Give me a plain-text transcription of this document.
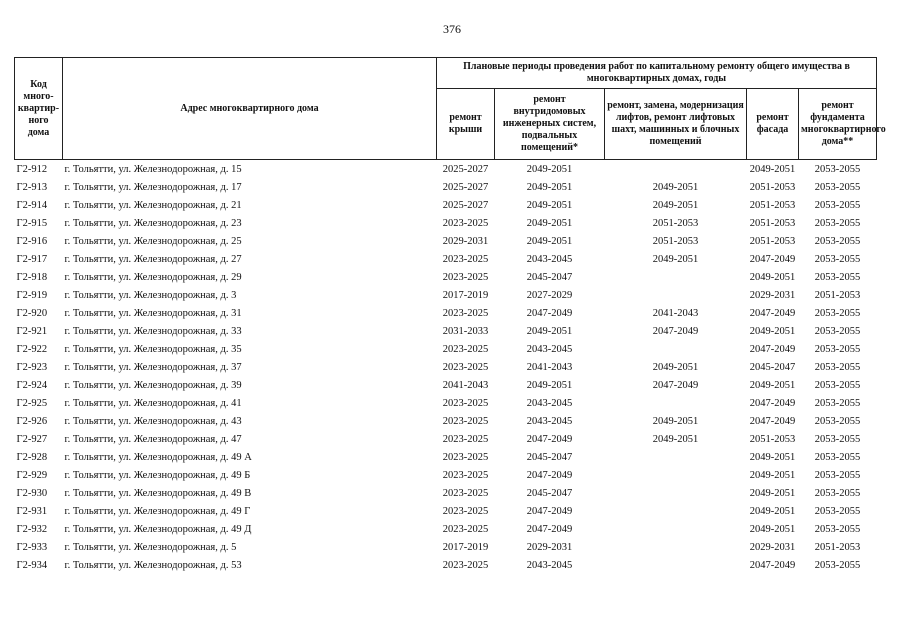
376
Код много-квартир-ного дома	Адрес многоквартирного дома	Плановые периоды проведения работ по капитальному ремонту общего имущества в многоквартирных домах, годы				
		ремонт крыши	ремонт внутридомовых инженерных систем, подвальных помещений*	ремонт, замена, модернизация лифтов, ремонт лифтовых шахт, машинных и блочных помещений	ремонт фасада	ремонт фундамента многоквартирного дома**
Г2-912	г. Тольятти, ул. Железнодорожная, д. 15	2025-2027	2049-2051		2049-2051	2053-2055
Г2-913	г. Тольятти, ул. Железнодорожная, д. 17	2025-2027	2049-2051	2049-2051	2051-2053	2053-2055
Г2-914	г. Тольятти, ул. Железнодорожная, д. 21	2025-2027	2049-2051	2049-2051	2051-2053	2053-2055
Г2-915	г. Тольятти, ул. Железнодорожная, д. 23	2023-2025	2049-2051	2051-2053	2051-2053	2053-2055
Г2-916	г. Тольятти, ул. Железнодорожная, д. 25	2029-2031	2049-2051	2051-2053	2051-2053	2053-2055
Г2-917	г. Тольятти, ул. Железнодорожная, д. 27	2023-2025	2043-2045	2049-2051	2047-2049	2053-2055
Г2-918	г. Тольятти, ул. Железнодорожная, д. 29	2023-2025	2045-2047		2049-2051	2053-2055
Г2-919	г. Тольятти, ул. Железнодорожная, д. 3	2017-2019	2027-2029		2029-2031	2051-2053
Г2-920	г. Тольятти, ул. Железнодорожная, д. 31	2023-2025	2047-2049	2041-2043	2047-2049	2053-2055
Г2-921	г. Тольятти, ул. Железнодорожная, д. 33	2031-2033	2049-2051	2047-2049	2049-2051	2053-2055
Г2-922	г. Тольятти, ул. Железнодорожная, д. 35	2023-2025	2043-2045		2047-2049	2053-2055
Г2-923	г. Тольятти, ул. Железнодорожная, д. 37	2023-2025	2041-2043	2049-2051	2045-2047	2053-2055
Г2-924	г. Тольятти, ул. Железнодорожная, д. 39	2041-2043	2049-2051	2047-2049	2049-2051	2053-2055
Г2-925	г. Тольятти, ул. Железнодорожная, д. 41	2023-2025	2043-2045		2047-2049	2053-2055
Г2-926	г. Тольятти, ул. Железнодорожная, д. 43	2023-2025	2043-2045	2049-2051	2047-2049	2053-2055
Г2-927	г. Тольятти, ул. Железнодорожная, д. 47	2023-2025	2047-2049	2049-2051	2051-2053	2053-2055
Г2-928	г. Тольятти, ул. Железнодорожная, д. 49 А	2023-2025	2045-2047		2049-2051	2053-2055
Г2-929	г. Тольятти, ул. Железнодорожная, д. 49 Б	2023-2025	2047-2049		2049-2051	2053-2055
Г2-930	г. Тольятти, ул. Железнодорожная, д. 49 В	2023-2025	2045-2047		2049-2051	2053-2055
Г2-931	г. Тольятти, ул. Железнодорожная, д. 49 Г	2023-2025	2047-2049		2049-2051	2053-2055
Г2-932	г. Тольятти, ул. Железнодорожная, д. 49 Д	2023-2025	2047-2049		2049-2051	2053-2055
Г2-933	г. Тольятти, ул. Железнодорожная, д. 5	2017-2019	2029-2031		2029-2031	2051-2053
Г2-934	г. Тольятти, ул. Железнодорожная, д. 53	2023-2025	2043-2045		2047-2049	2053-2055
